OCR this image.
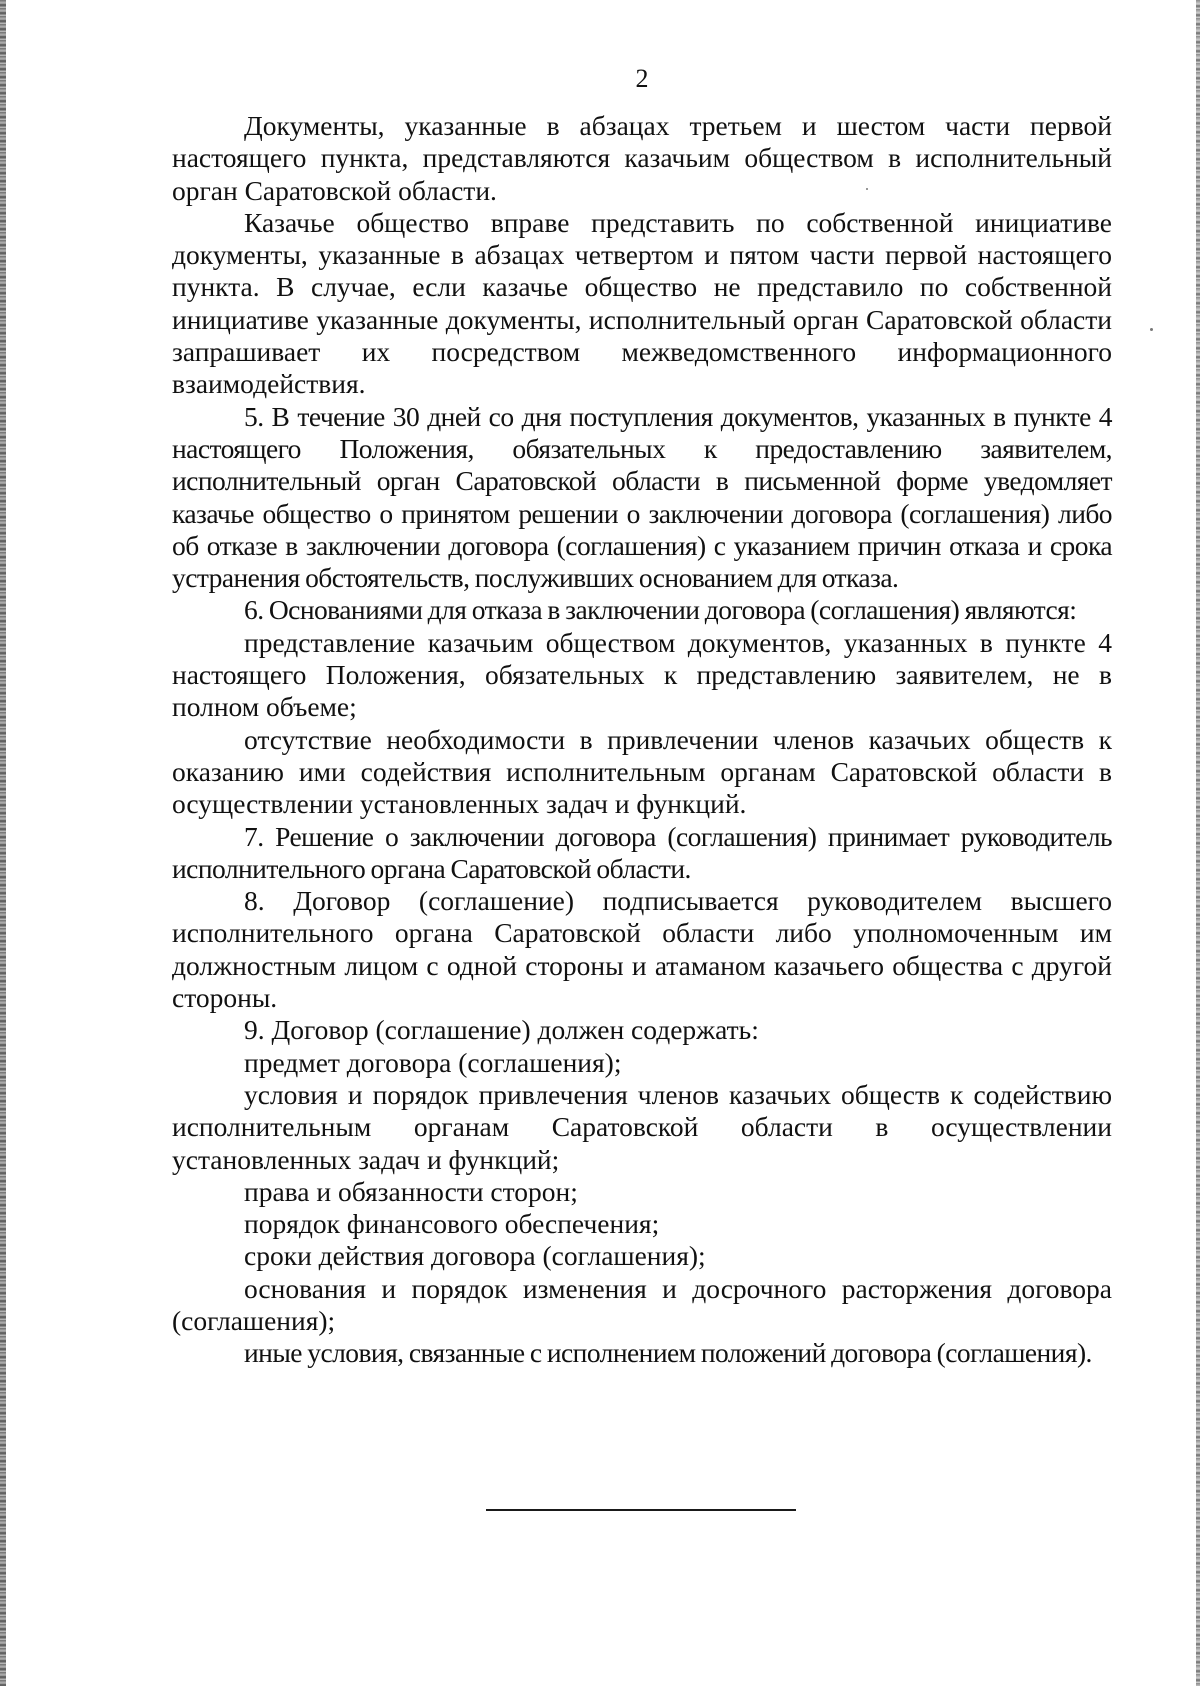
2

Документы, указанные в абзацах третьем и шестом части первой настоящего пункта, представляются казачьим обществом в исполнительный орган Саратовской области.

Казачье общество вправе представить по собственной инициативе документы, указанные в абзацах четвертом и пятом части первой настоящего пункта. В случае, если казачье общество не представило по собственной инициативе указанные документы, исполнительный орган Саратовской области запрашивает их посредством межведомственного информационного взаимодействия.

5. В течение 30 дней со дня поступления документов, указанных в пункте 4 настоящего Положения, обязательных к предоставлению заявителем, исполнительный орган Саратовской области в письменной форме уведомляет казачье общество о принятом решении о заключении договора (соглашения) либо об отказе в заключении договора (соглашения) с указанием причин отказа и срока устранения обстоятельств, послуживших основанием для отказа.

6. Основаниями для отказа в заключении договора (соглашения) являются:

представление казачьим обществом документов, указанных в пункте 4 настоящего Положения, обязательных к представлению заявителем, не в полном объеме;

отсутствие необходимости в привлечении членов казачьих обществ к оказанию ими содействия исполнительным органам Саратовской области в осуществлении установленных задач и функций.

7. Решение о заключении договора (соглашения) принимает руководитель исполнительного органа Саратовской области.

8. Договор (соглашение) подписывается руководителем высшего исполнительного органа Саратовской области либо уполномоченным им должностным лицом с одной стороны и атаманом казачьего общества с другой стороны.

9. Договор (соглашение) должен содержать:

предмет договора (соглашения);

условия и порядок привлечения членов казачьих обществ к содействию исполнительным органам Саратовской области в осуществлении установленных задач и функций;

права и обязанности сторон;

порядок финансового обеспечения;

сроки действия договора (соглашения);

основания и порядок изменения и досрочного расторжения договора (соглашения);

иные условия, связанные с исполнением положений договора (соглашения).
